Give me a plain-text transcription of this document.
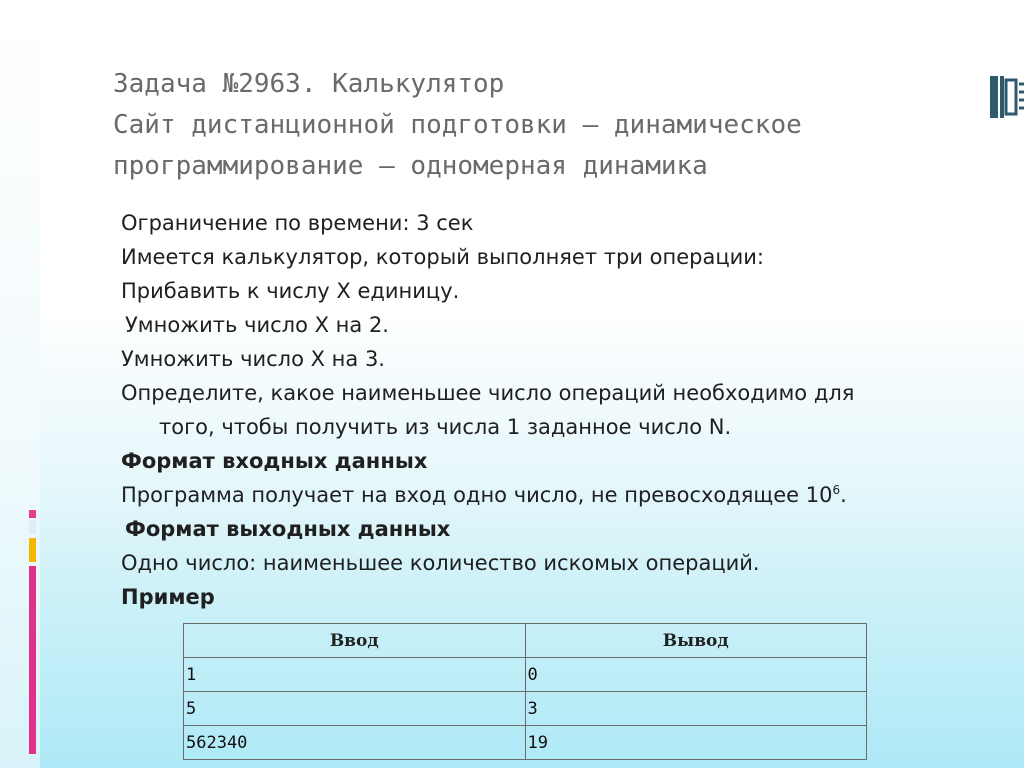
Задача №2963. Калькулятор
Сайт дистанционной подготовки – динамическое
программирование – одномерная динамика
Ограничение по времени: 3 сек
Имеется калькулятор, который выполняет три операции:
Прибавить к числу X единицу.
Умножить число X на 2.
Умножить число X на 3.
Определите, какое наименьшее число операций необходимо для
того, чтобы получить из числа 1 заданное число N.
Формат входных данных
Программа получает на вход одно число, не превосходящее $10^6$.
Формат выходных данных
Одно число: наименьшее количество искомых операций.
Пример
Ввод	Вывод
1	0
5	3
562340	19
